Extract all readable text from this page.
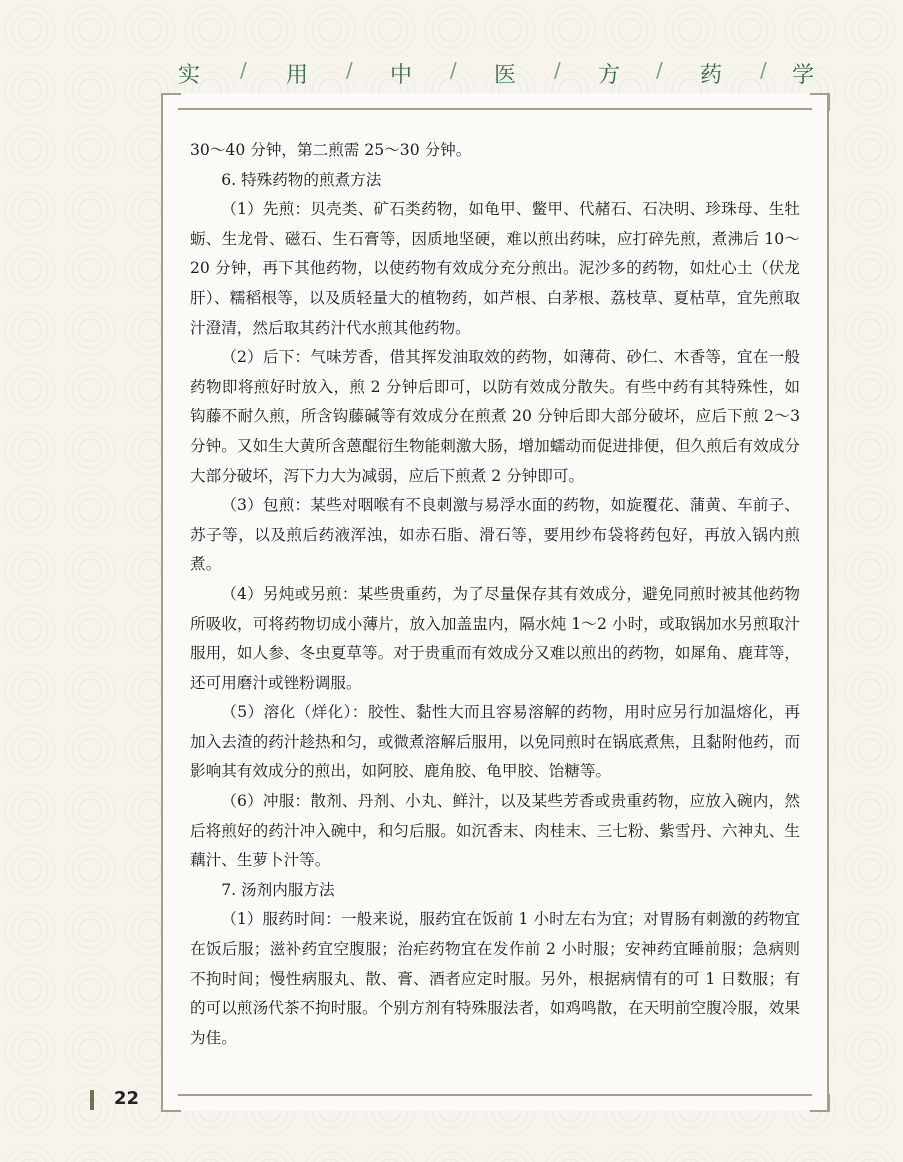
实 / 用 / 中 / 医 / 方 / 药 / 学

30～40 分钟，第二煎需 25～30 分钟。

6. 特殊药物的煎煮方法

（1）先煎：贝壳类、矿石类药物，如龟甲、鳖甲、代赭石、石决明、珍珠母、生牡蛎、生龙骨、磁石、生石膏等，因质地坚硬，难以煎出药味，应打碎先煎，煮沸后 10～20 分钟，再下其他药物，以使药物有效成分充分煎出。泥沙多的药物，如灶心土（伏龙肝）、糯稻根等，以及质轻量大的植物药，如芦根、白茅根、荔枝草、夏枯草，宜先煎取汁澄清，然后取其药汁代水煎其他药物。

（2）后下：气味芳香，借其挥发油取效的药物，如薄荷、砂仁、木香等，宜在一般药物即将煎好时放入，煎 2 分钟后即可，以防有效成分散失。有些中药有其特殊性，如钩藤不耐久煎，所含钩藤碱等有效成分在煎煮 20 分钟后即大部分破坏，应后下煎 2～3 分钟。又如生大黄所含蒽醌衍生物能刺激大肠，增加蠕动而促进排便，但久煎后有效成分大部分破坏，泻下力大为减弱，应后下煎煮 2 分钟即可。

（3）包煎：某些对咽喉有不良刺激与易浮水面的药物，如旋覆花、蒲黄、车前子、苏子等，以及煎后药液浑浊，如赤石脂、滑石等，要用纱布袋将药包好，再放入锅内煎煮。

（4）另炖或另煎：某些贵重药，为了尽量保存其有效成分，避免同煎时被其他药物所吸收，可将药物切成小薄片，放入加盖盅内，隔水炖 1～2 小时，或取锅加水另煎取汁服用，如人参、冬虫夏草等。对于贵重而有效成分又难以煎出的药物，如犀角、鹿茸等，还可用磨汁或锉粉调服。

（5）溶化（烊化）：胶性、黏性大而且容易溶解的药物，用时应另行加温熔化，再加入去渣的药汁趁热和匀，或微煮溶解后服用，以免同煎时在锅底煮焦，且黏附他药，而影响其有效成分的煎出，如阿胶、鹿角胶、龟甲胶、饴糖等。

（6）冲服：散剂、丹剂、小丸、鲜汁，以及某些芳香或贵重药物，应放入碗内，然后将煎好的药汁冲入碗中，和匀后服。如沉香末、肉桂末、三七粉、紫雪丹、六神丸、生藕汁、生萝卜汁等。

7. 汤剂内服方法

（1）服药时间：一般来说，服药宜在饭前 1 小时左右为宜；对胃肠有刺激的药物宜在饭后服；滋补药宜空腹服；治疟药物宜在发作前 2 小时服；安神药宜睡前服；急病则不拘时间；慢性病服丸、散、膏、酒者应定时服。另外，根据病情有的可 1 日数服；有的可以煎汤代茶不拘时服。个别方剂有特殊服法者，如鸡鸣散，在天明前空腹冷服，效果为佳。

22
